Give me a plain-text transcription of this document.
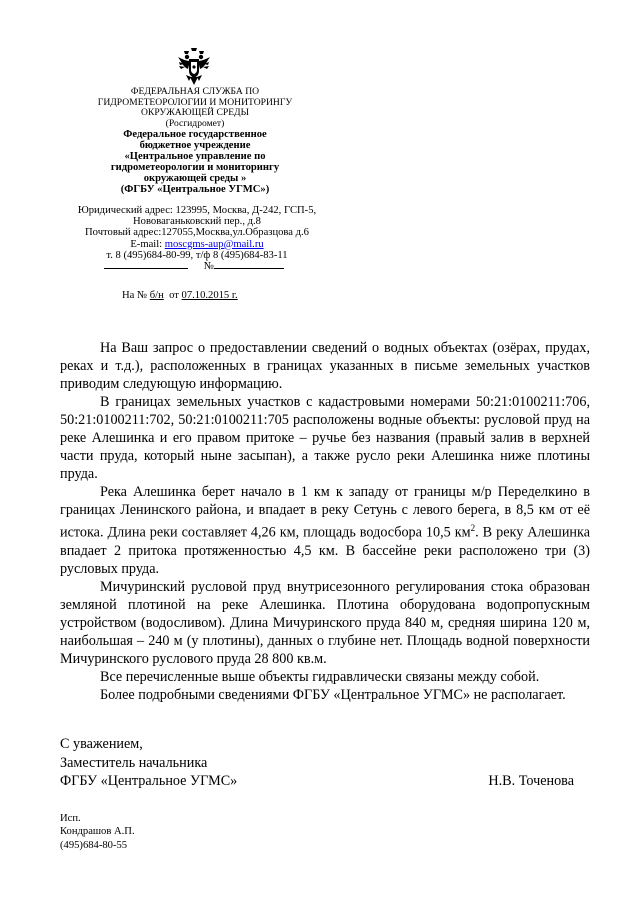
ФЕДЕРАЛЬНАЯ СЛУЖБА ПО
ГИДРОМЕТЕОРОЛОГИИ И МОНИТОРИНГУ
ОКРУЖАЮЩЕЙ СРЕДЫ
(Росгидромет)
Федеральное государственное
бюджетное учреждение
«Центральное управление по
гидрометеорологии и мониторингу
окружающей среды »
(ФГБУ «Центральное УГМС»)
Юридический адрес: 123995, Москва, Д-242, ГСП-5,
Нововаганьковский пер., д.8
Почтовый адрес:127055,Москва,ул.Образцова д.6
E-mail: moscgms-aup@mail.ru
т. 8 (495)684-80-99, т/ф 8 (495)684-83-11
№
На № б/н от 07.10.2015 г.

На Ваш запрос о предоставлении сведений о водных объектах (озёрах, прудах, реках и т.д.), расположенных в границах указанных в письме земельных участков приводим следующую информацию.

В границах земельных участков с кадастровыми номерами 50:21:0100211:706, 50:21:0100211:702, 50:21:0100211:705 расположены водные объекты: русловой пруд на реке Алешинка и его правом притоке – ручье без названия (правый залив в верхней части пруда, который ныне засыпан), а также русло реки Алешинка ниже плотины пруда.

Река Алешинка берет начало в 1 км к западу от границы м/р Переделкино в границах Ленинского района, и впадает в реку Сетунь с левого берега, в 8,5 км от её истока. Длина реки составляет 4,26 км, площадь водосбора 10,5 $км^2$. В реку Алешинка впадает 2 притока протяженностью 4,5 км. В бассейне реки расположено три (3) русловых пруда.

Мичуринский русловой пруд внутрисезонного регулирования стока образован земляной плотиной на реке Алешинка. Плотина оборудована водопропускным устройством (водосливом). Длина Мичуринского пруда 840 м, средняя ширина 120 м, наибольшая – 240 м (у плотины), данных о глубине нет. Площадь водной поверхности Мичуринского руслового пруда 28 800 кв.м.

Все перечисленные выше объекты гидравлически связаны между собой.

Более подробными сведениями ФГБУ «Центральное УГМС» не располагает.

С уважением,
Заместитель начальника
ФГБУ «Центральное УГМС»	Н.В. Точенова
Исп.
Кондрашов А.П.
(495)684-80-55
